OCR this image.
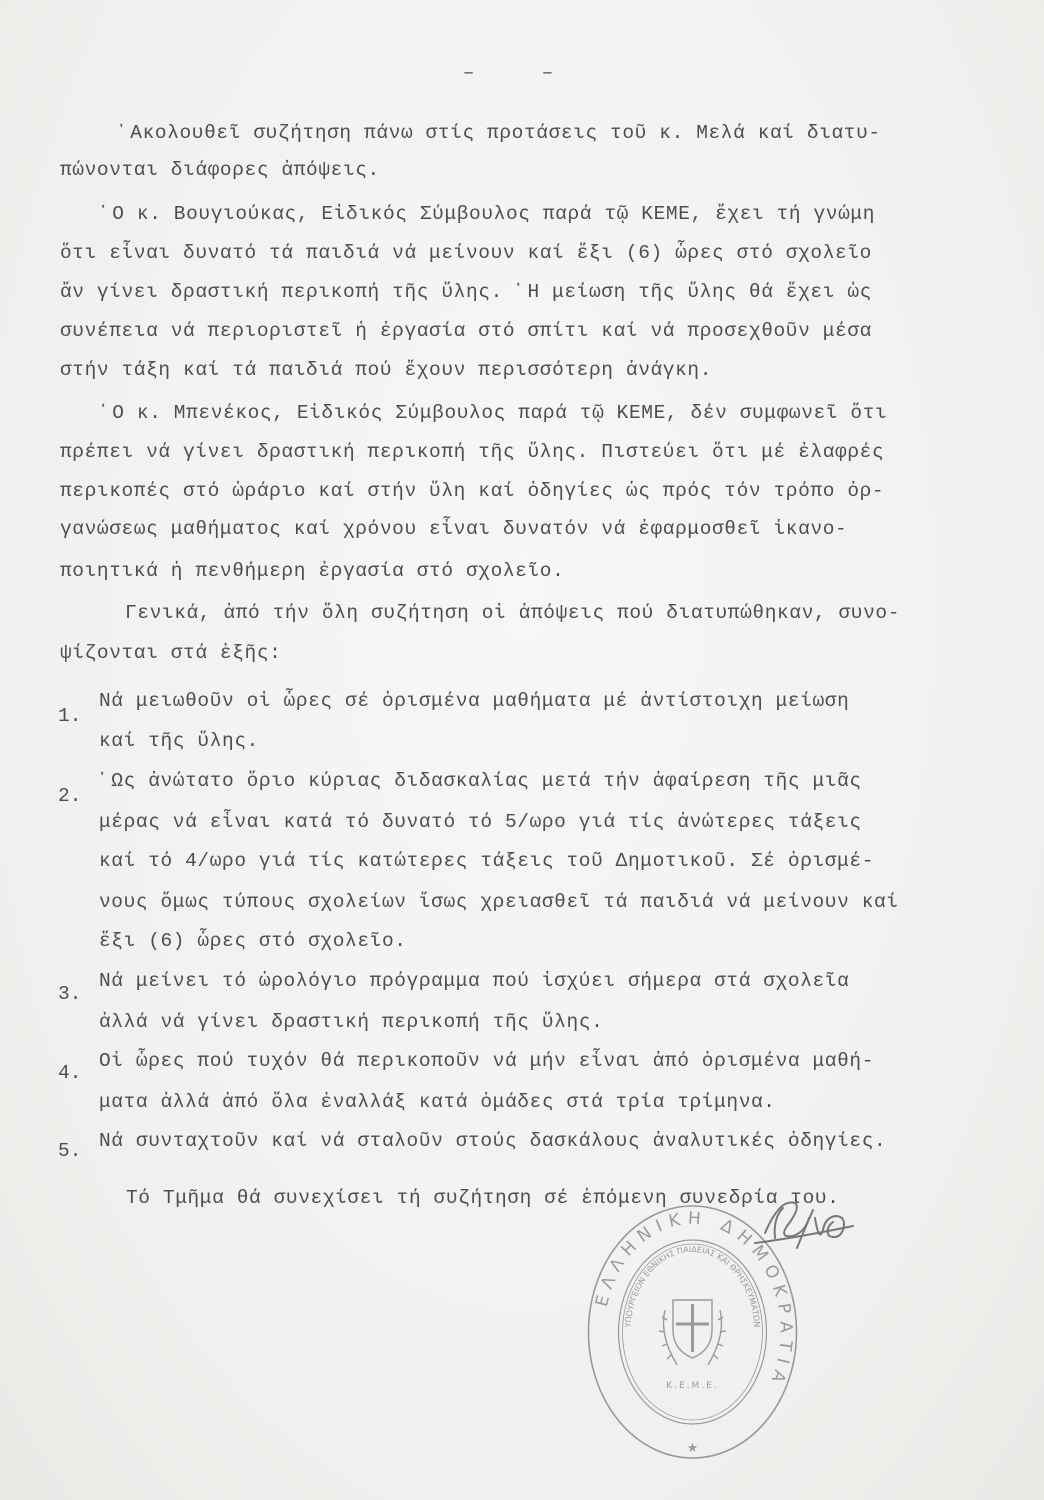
– –
᾿Ακολουθεῖ συζήτηση πάνω στίς προτάσεις τοῦ κ. Μελά καί διατυ-
πώνονται διάφορες ἀπόψεις.
῾Ο κ. Βουγιούκας, Εἰδικός Σύμβουλος παρά τῷ ΚΕΜΕ, ἔχει τή γνώμη
ὅτι εἶναι δυνατό τά παιδιά νά μείνουν καί ἕξι (6) ὧρες στό σχολεῖο
ἄν γίνει δραστική περικοπή τῆς ὕλης. ῾Η μείωση τῆς ὕλης θά ἔχει ὡς
συνέπεια νά περιοριστεῖ ἡ ἐργασία στό σπίτι καί νά προσεχθοῦν μέσα
στήν τάξη καί τά παιδιά πού ἔχουν περισσότερη ἀνάγκη.
῾Ο κ. Μπενέκος, Εἰδικός Σύμβουλος παρά τῷ ΚΕΜΕ, δέν συμφωνεῖ ὅτι
πρέπει νά γίνει δραστική περικοπή τῆς ὕλης. Πιστεύει ὅτι μέ ἐλαφρές
περικοπές στό ὡράριο καί στήν ὕλη καί ὁδηγίες ὡς πρός τόν τρόπο ὀρ-
γανώσεως μαθήματος καί χρόνου εἶναι δυνατόν νά ἐφαρμοσθεῖ ἱκανο-
ποιητικά ἡ πενθήμερη ἐργασία στό σχολεῖο.
Γενικά, ἀπό τήν ὅλη συζήτηση οἱ ἀπόψεις πού διατυπώθηκαν, συνο-
ψίζονται στά ἑξῆς:
1.
Νά μειωθοῦν οἱ ὧρες σέ ὁρισμένα μαθήματα μέ ἀντίστοιχη μείωση
καί τῆς ὕλης.
2.
῾Ως ἀνώτατο ὅριο κύριας διδασκαλίας μετά τήν ἀφαίρεση τῆς μιᾶς
μέρας νά εἶναι κατά τό δυνατό τό 5/ωρο γιά τίς ἀνώτερες τάξεις
καί τό 4/ωρο γιά τίς κατώτερες τάξεις τοῦ Δημοτικοῦ. Σέ ὁρισμέ-
νους ὅμως τύπους σχολείων ἴσως χρειασθεῖ τά παιδιά νά μείνουν καί
ἕξι (6) ὧρες στό σχολεῖο.
3.
Νά μείνει τό ὡρολόγιο πρόγραμμα πού ἰσχύει σήμερα στά σχολεῖα
ἀλλά νά γίνει δραστική περικοπή τῆς ὕλης.
4.
Οἱ ὧρες πού τυχόν θά περικοποῦν νά μήν εἶναι ἀπό ὁρισμένα μαθή-
ματα ἀλλά ἀπό ὅλα ἐναλλάξ κατά ὁμάδες στά τρία τρίμηνα.
5. Νά συνταχτοῦν καί νά σταλοῦν στούς δασκάλους ἀναλυτικές ὁδηγίες.
Τό Τμῆμα θά συνεχίσει τή συζήτηση σέ ἑπόμενη συνεδρία του.
ΕΛΛΗΝΙΚΗ ΔΗΜΟΚΡΑΤΙΑ
ΥΠΟΥΡΓΕΙΟΝ ΕΘΝΙΚΗΣ ΠΑΙΔΕΙΑΣ ΚΑΙ ΘΡΗΣΚΕΥΜΑΤΩΝ
Κ.Ε.Μ.Ε.
★
